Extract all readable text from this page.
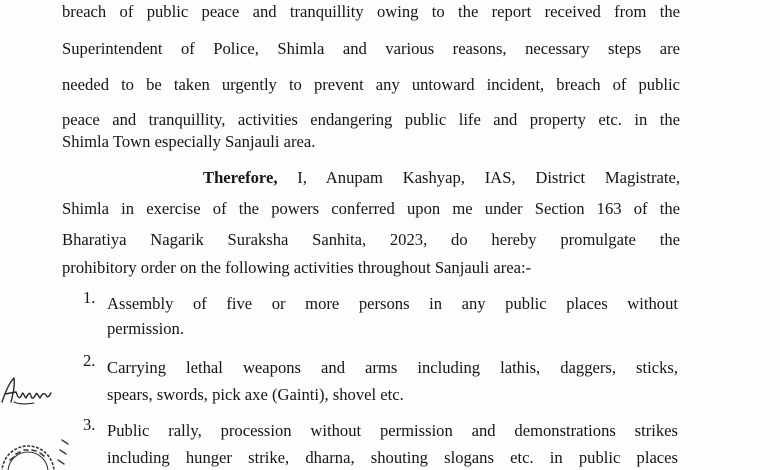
breach of public peace and tranquillity owing to the report received from the
Superintendent of Police, Shimla and various reasons, necessary steps are
needed to be taken urgently to prevent any untoward incident, breach of public
peace and tranquillity, activities endangering public life and property etc. in the
Shimla Town especially Sanjauli area.
Therefore, I, Anupam Kashyap, IAS, District Magistrate,
Shimla in exercise of the powers conferred upon me under Section 163 of the
Bharatiya Nagarik Suraksha Sanhita, 2023, do hereby promulgate the
prohibitory order on the following activities throughout Sanjauli area:-
1. Assembly of five or more persons in any public places without
permission.
2. Carrying lethal weapons and arms including lathis, daggers, sticks,
spears, swords, pick axe (Gainti), shovel etc.
3. Public rally, procession without permission and demonstrations strikes
including hunger strike, dharna, shouting slogans etc. in public places
